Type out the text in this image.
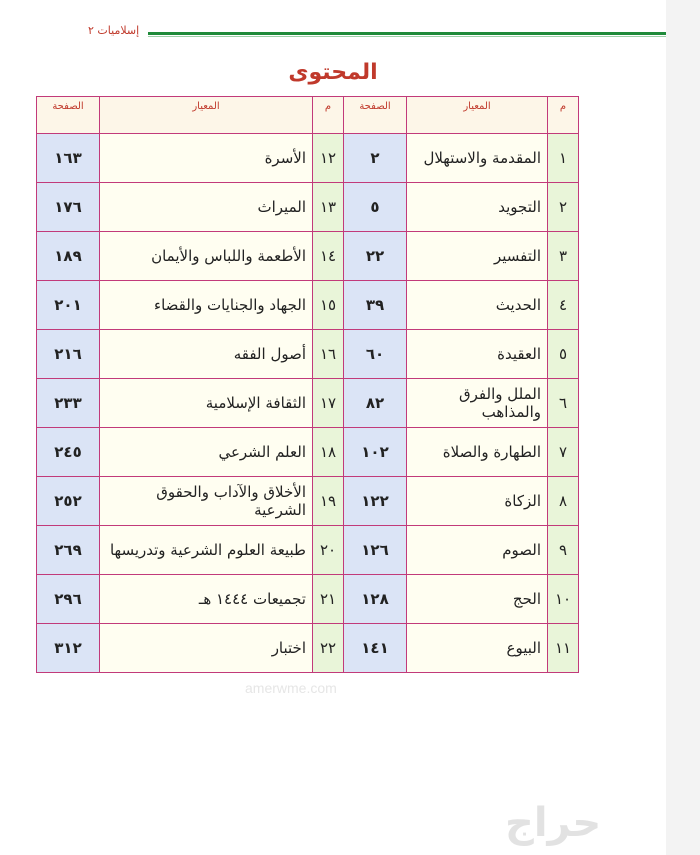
إسلاميات ٢
المحتوى
م	المعيار	الصفحة	م	المعيار	الصفحة
١	المقدمة والاستهلال	٢	١٢	الأسرة	١٦٣
٢	التجويد	٥	١٣	الميراث	١٧٦
٣	التفسير	٢٢	١٤	الأطعمة واللباس والأيمان	١٨٩
٤	الحديث	٣٩	١٥	الجهاد والجنايات والقضاء	٢٠١
٥	العقيدة	٦٠	١٦	أصول الفقه	٢١٦
٦	الملل والفرق والمذاهب	٨٢	١٧	الثقافة الإسلامية	٢٣٣
٧	الطهارة والصلاة	١٠٢	١٨	العلم الشرعي	٢٤٥
٨	الزكاة	١٢٢	١٩	الأخلاق والآداب والحقوق الشرعية	٢٥٢
٩	الصوم	١٢٦	٢٠	طبيعة العلوم الشرعية وتدريسها	٢٦٩
١٠	الحج	١٢٨	٢١	تجميعات ١٤٤٤ هـ	٢٩٦
١١	البيوع	١٤١	٢٢	اختبار	٣١٢
amerwme.com
حراج
